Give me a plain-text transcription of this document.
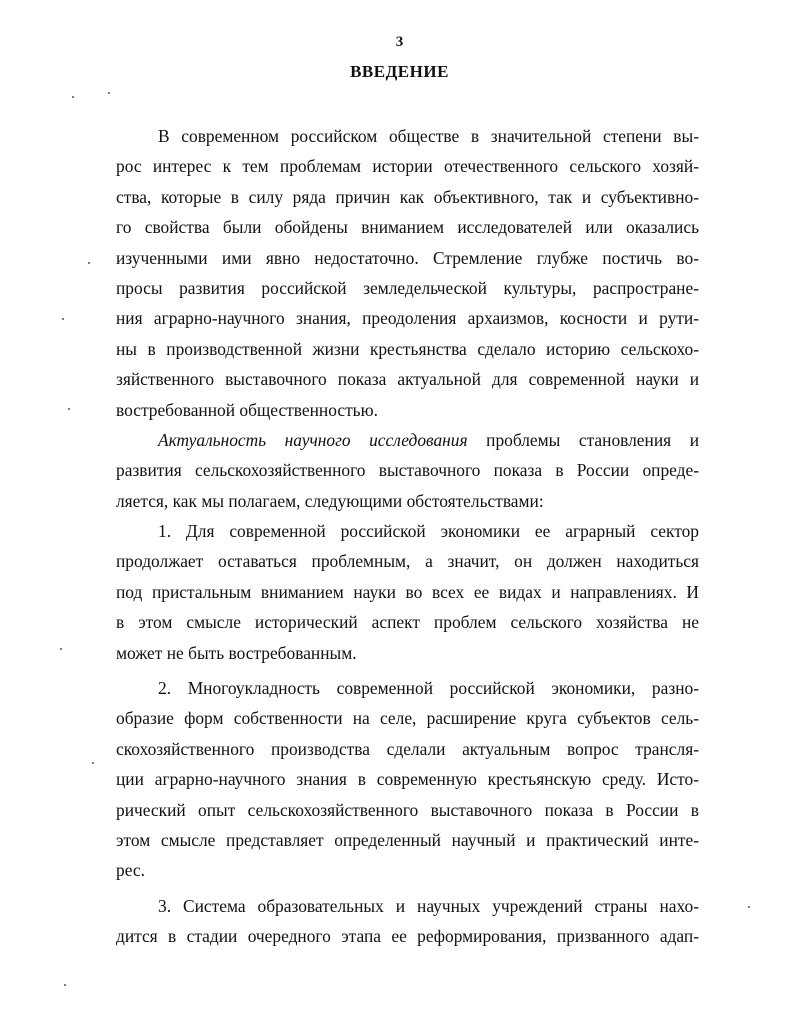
3
ВВЕДЕНИЕ
В современном российском обществе в значительной степени вы-
рос интерес к тем проблемам истории отечественного сельского хозяй-
ства, которые в силу ряда причин как объективного, так и субъективно-
го свойства были обойдены вниманием исследователей или оказались
изученными ими явно недостаточно. Стремление глубже постичь во-
просы развития российской земледельческой культуры, распростране-
ния аграрно-научного знания, преодоления архаизмов, косности и рути-
ны в производственной жизни крестьянства сделало историю сельскохо-
зяйственного выставочного показа актуальной для современной науки и
востребованной общественностью.
Актуальность научного исследования проблемы становления и
развития сельскохозяйственного выставочного показа в России опреде-
ляется, как мы полагаем, следующими обстоятельствами:
1. Для современной российской экономики ее аграрный сектор
продолжает оставаться проблемным, а значит, он должен находиться
под пристальным вниманием науки во всех ее видах и направлениях. И
в этом смысле исторический аспект проблем сельского хозяйства не
может не быть востребованным.
2. Многоукладность современной российской экономики, разно-
образие форм собственности на селе, расширение круга субъектов сель-
скохозяйственного производства сделали актуальным вопрос трансля-
ции аграрно-научного знания в современную крестьянскую среду. Исто-
рический опыт сельскохозяйственного выставочного показа в России в
этом смысле представляет определенный научный и практический инте-
рес.
3. Система образовательных и научных учреждений страны нахо-
дится в стадии очередного этапа ее реформирования, призванного адап-
